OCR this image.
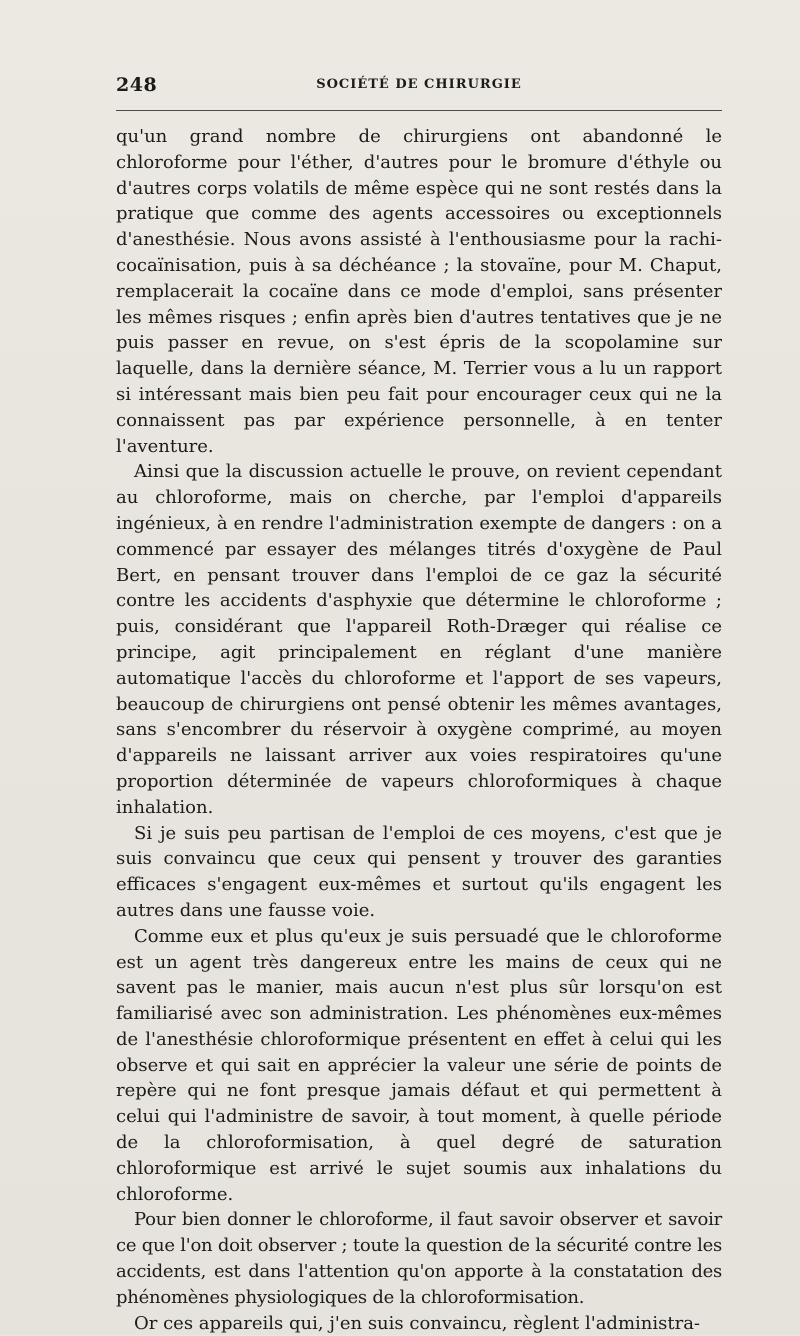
248	SOCIÉTÉ DE CHIRURGIE

qu'un grand nombre de chirurgiens ont abandonné le chloroforme pour l'éther, d'autres pour le bromure d'éthyle ou d'autres corps volatils de même espèce qui ne sont restés dans la pratique que comme des agents accessoires ou exceptionnels d'anesthésie. Nous avons assisté à l'enthousiasme pour la rachi-cocaïnisation, puis à sa déchéance ; la stovaïne, pour M. Chaput, remplacerait la cocaïne dans ce mode d'emploi, sans présenter les mêmes risques ; enfin après bien d'autres tentatives que je ne puis passer en revue, on s'est épris de la scopolamine sur laquelle, dans la dernière séance, M. Terrier vous a lu un rapport si intéressant mais bien peu fait pour encourager ceux qui ne la connaissent pas par expérience personnelle, à en tenter l'aventure.

Ainsi que la discussion actuelle le prouve, on revient cependant au chloroforme, mais on cherche, par l'emploi d'appareils ingénieux, à en rendre l'administration exempte de dangers : on a commencé par essayer des mélanges titrés d'oxygène de Paul Bert, en pensant trouver dans l'emploi de ce gaz la sécurité contre les accidents d'asphyxie que détermine le chloroforme ; puis, considérant que l'appareil Roth-Dræger qui réalise ce principe, agit principalement en réglant d'une manière automatique l'accès du chloroforme et l'apport de ses vapeurs, beaucoup de chirurgiens ont pensé obtenir les mêmes avantages, sans s'encombrer du réservoir à oxygène comprimé, au moyen d'appareils ne laissant arriver aux voies respiratoires qu'une proportion déterminée de vapeurs chloroformiques à chaque inhalation.

Si je suis peu partisan de l'emploi de ces moyens, c'est que je suis convaincu que ceux qui pensent y trouver des garanties efficaces s'engagent eux-mêmes et surtout qu'ils engagent les autres dans une fausse voie.

Comme eux et plus qu'eux je suis persuadé que le chloroforme est un agent très dangereux entre les mains de ceux qui ne savent pas le manier, mais aucun n'est plus sûr lorsqu'on est familiarisé avec son administration. Les phénomènes eux-mêmes de l'anesthésie chloroformique présentent en effet à celui qui les observe et qui sait en apprécier la valeur une série de points de repère qui ne font presque jamais défaut et qui permettent à celui qui l'administre de savoir, à tout moment, à quelle période de la chloroformisation, à quel degré de saturation chloroformique est arrivé le sujet soumis aux inhalations du chloroforme.

Pour bien donner le chloroforme, il faut savoir observer et savoir ce que l'on doit observer ; toute la question de la sécurité contre les accidents, est dans l'attention qu'on apporte à la constatation des phénomènes physiologiques de la chloroformisation.

Or ces appareils qui, j'en suis convaincu, règlent l'administra-
